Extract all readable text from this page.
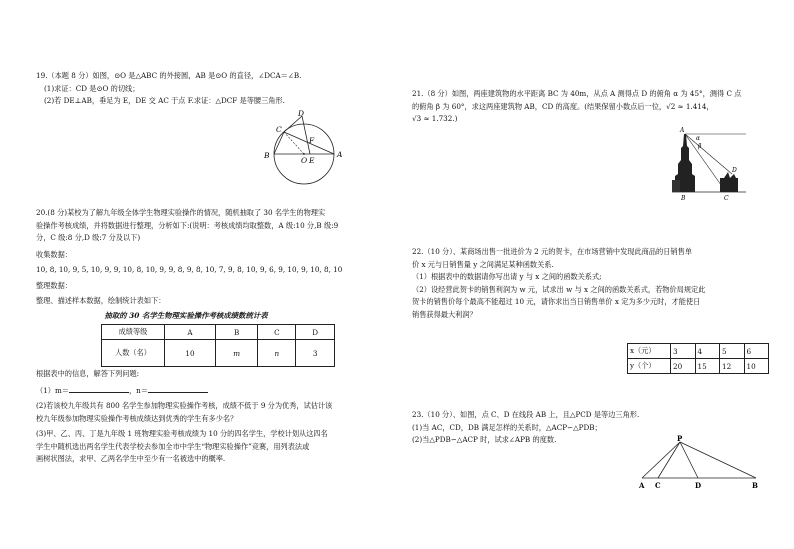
19.（本题 8 分）如图，⊙O 是△ABC 的外接圆，AB 是⊙O 的直径，∠DCA＝∠B.
(1)求证：CD 是⊙O 的切线；
(2)若 DE⊥AB，垂足为 E，DE 交 AC 于点 F.求证：△DCF 是等腰三角形.
D
C
F
B
O E
A
20.(8 分)某校为了解九年级全体学生物理实验操作的情况，随机抽取了 30 名学生的物理实
验操作考核成绩，并将数据进行整理，分析如下:(说明：考核成绩均取整数，A 级:10 分,B 级:9
分，C 级:8 分,D 级:7 分及以下)
收集数据：
10, 8, 10, 9, 5, 10, 9, 9, 10, 8, 10, 9, 9, 8, 9, 8, 10, 7, 9, 8, 10, 9, 6, 9, 10, 9, 10, 8, 10
整理数据：
整理、描述样本数据，绘制统计表如下：
抽取的 30 名学生物理实验操作考核成绩数统计表
成绩等级	A	B	C	D
人数（名）	10	m	n	3
根据表中的信息，解答下列问题:
（1）m＝	，n＝
(2)若该校九年级共有 800 名学生参加物理实验操作考核，成绩不低于 9 分为优秀，试估计该
校九年级参加物理实验操作考核成绩达到优秀的学生有多少名？
(3)甲、乙、丙、丁是九年级 1 班物理实验考核成绩为 10 分的四名学生，学校计划从这四名
学生中随机选出两名学生代表学校去参加全市中学生“物理实验操作”竞赛，用列表法或
画树状图法，求甲、乙两名学生中至少有一名被选中的概率.
21.（8 分）如图，两座建筑物的水平距离 BC 为 40m，从点 A 测得点 D 的俯角 α 为 45°，测得 C 点
的俯角 β 为 60°，求这两座建筑物 AB，CD 的高度。(结果保留小数点后一位，√2 ≈ 1.414，
√3 ≈ 1.732.)
A
α
β
D
B	C
22.（10 分）、某商场出售一批进价为 2 元的贺卡，在市场营销中发现此商品的日销售单
价 x 元与日销售量 y 之间满足某种函数关系.
（1）根据表中的数据请你写出请 y 与 x 之间的函数关系式;
（2）设经营此贺卡的销售利润为 w 元，试求出 w 与 x 之间的函数关系式，若物价局规定此
贺卡的销售价每个最高不能超过 10 元，请你求出当日销售单价 x 定为多少元时，才能使日
销售获得最大利润？
x（元）	3	4	5	6
y（个）	20	15	12	10
23.（10 分）、如图，点 C、D 在线段 AB 上，且△PCD 是等边三角形.
(1)当 AC，CD，DB 满足怎样的关系时，△ACP∽△PDB；
(2)当△PDB∽△ACP 时，试求∠APB 的度数.	P
A C	D	B
